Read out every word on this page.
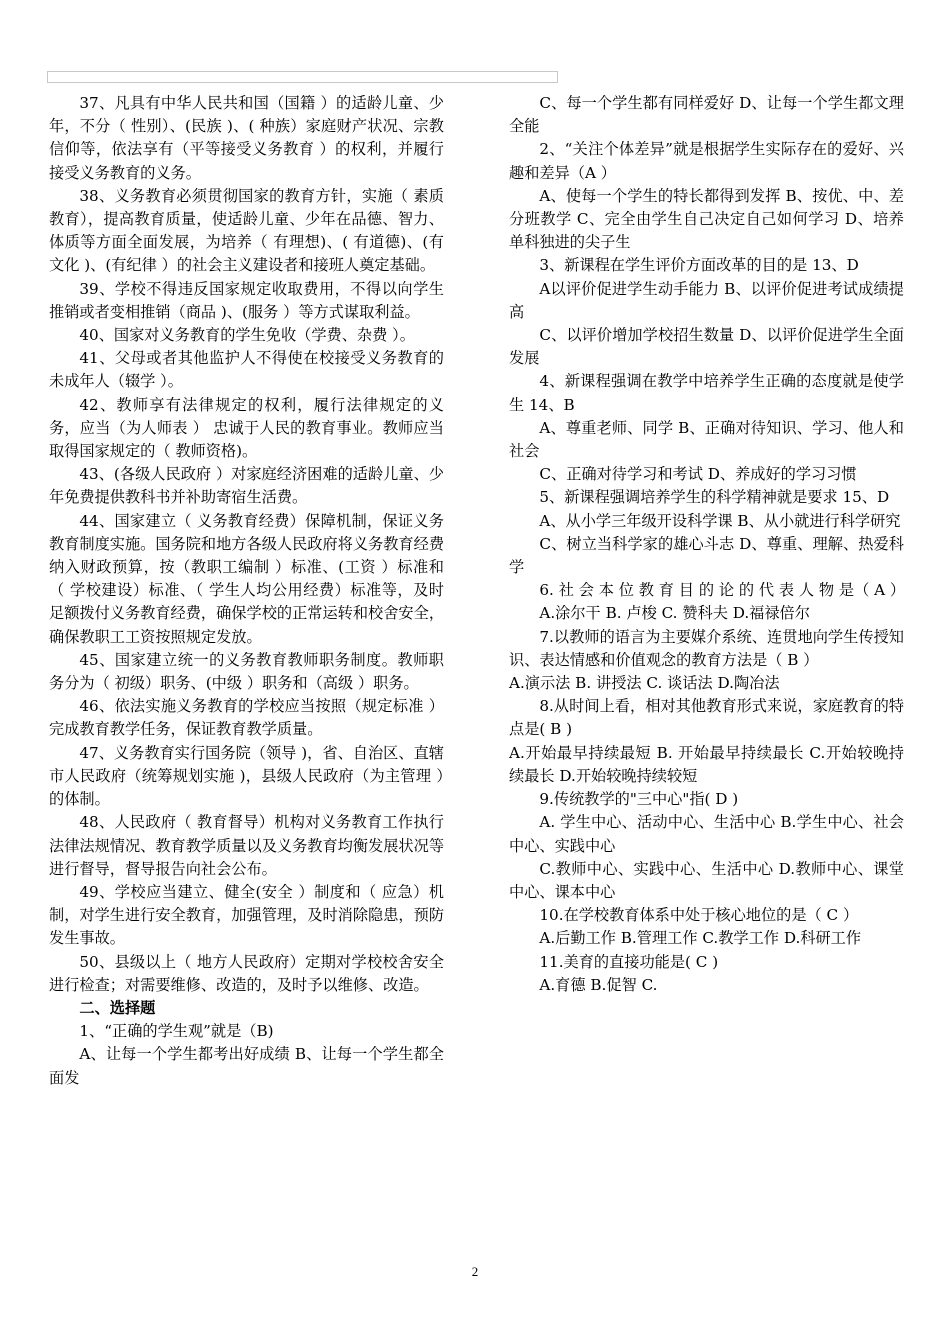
37、凡具有中华人民共和国（国籍 ）的适龄儿童、少年，不分（ 性别）、(民族 )、( 种族）家庭财产状况、宗教信仰等，依法享有（平等接受义务教育 ）的权利，并履行接受义务教育的义务。

38、义务教育必须贯彻国家的教育方针，实施（ 素质教育），提高教育质量，使适龄儿童、少年在品德、智力、体质等方面全面发展，为培养（ 有理想)、( 有道德)、(有文化 )、(有纪律 ）的社会主义建设者和接班人奠定基础。

39、学校不得违反国家规定收取费用，不得以向学生推销或者变相推销（商品 )、(服务 ）等方式谋取利益。

40、国家对义务教育的学生免收（学费、杂费 ）。

41、父母或者其他监护人不得使在校接受义务教育的未成年人（辍学 ）。

42、教师享有法律规定的权利，履行法律规定的义务，应当（为人师表 ） 忠诚于人民的教育事业。教师应当取得国家规定的（ 教师资格)。

43、(各级人民政府 ）对家庭经济困难的适龄儿童、少年免费提供教科书并补助寄宿生活费。

44、国家建立（ 义务教育经费）保障机制，保证义务教育制度实施。国务院和地方各级人民政府将义务教育经费纳入财政预算，按（教职工编制 ）标准、(工资 ）标准和（ 学校建设）标准、（ 学生人均公用经费）标准等，及时足额拨付义务教育经费，确保学校的正常运转和校舍安全，确保教职工工资按照规定发放。

45、国家建立统一的义务教育教师职务制度。教师职务分为（ 初级）职务、(中级 ）职务和（高级 ）职务。

46、依法实施义务教育的学校应当按照（规定标准 ）完成教育教学任务，保证教育教学质量。

47、义务教育实行国务院（领导 )，省、自治区、直辖市人民政府（统筹规划实施 )，县级人民政府（为主管理 ）的体制。

48、人民政府（ 教育督导）机构对义务教育工作执行法律法规情况、教育教学质量以及义务教育均衡发展状况等进行督导，督导报告向社会公布。

49、学校应当建立、健全(安全 ）制度和（ 应急）机制，对学生进行安全教育，加强管理，及时消除隐患，预防发生事故。

50、县级以上（ 地方人民政府）定期对学校校舍安全进行检查；对需要维修、改造的，及时予以维修、改造。

二、选择题

1、“正确的学生观”就是（B)

A、让每一个学生都考出好成绩 B、让每一个学生都全面发

C、每一个学生都有同样爱好 D、让每一个学生都文理全能

2、“关注个体差异”就是根据学生实际存在的爱好、兴趣和差异（A ）

A、使每一个学生的特长都得到发挥 B、按优、中、差分班教学 C、完全由学生自己决定自己如何学习 D、培养单科独进的尖子生

3、新课程在学生评价方面改革的目的是 13、D

A以评价促进学生动手能力 B、以评价促进考试成绩提高

C、以评价增加学校招生数量 D、以评价促进学生全面发展

4、新课程强调在教学中培养学生正确的态度就是使学生 14、B

A、尊重老师、同学 B、正确对待知识、学习、他人和社会

C、正确对待学习和考试 D、养成好的学习习惯

5、新课程强调培养学生的科学精神就是要求 15、D

A、从小学三年级开设科学课 B、从小就进行科学研究

C、树立当科学家的雄心斗志 D、尊重、理解、热爱科学

6. 社 会 本 位 教 育 目 的 论 的 代 表 人 物 是（ A ）

A.涂尔干 B. 卢梭 C. 赞科夫 D.福禄倍尔

7.以教师的语言为主要媒介系统、连贯地向学生传授知识、表达情感和价值观念的教育方法是（ B ）

A.演示法 B. 讲授法 C. 谈话法 D.陶冶法

8.从时间上看，相对其他教育形式来说，家庭教育的特点是( B )

A.开始最早持续最短 B. 开始最早持续最长 C.开始较晚持续最长 D.开始较晚持续较短

9.传统教学的"三中心"指( D )

A. 学生中心、活动中心、生活中心 B.学生中心、社会中心、实践中心

C.教师中心、实践中心、生活中心 D.教师中心、课堂中心、课本中心

10.在学校教育体系中处于核心地位的是（ C ）

A.后勤工作 B.管理工作 C.教学工作 D.科研工作

11.美育的直接功能是( C )

A.育德 B.促智 C.

2
